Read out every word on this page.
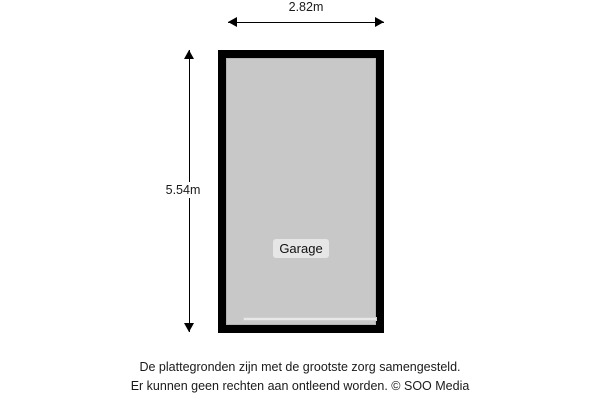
2.82m
5.54m
Garage
De plattegronden zijn met de grootste zorg samengesteld.
Er kunnen geen rechten aan ontleend worden. © SOO Media
